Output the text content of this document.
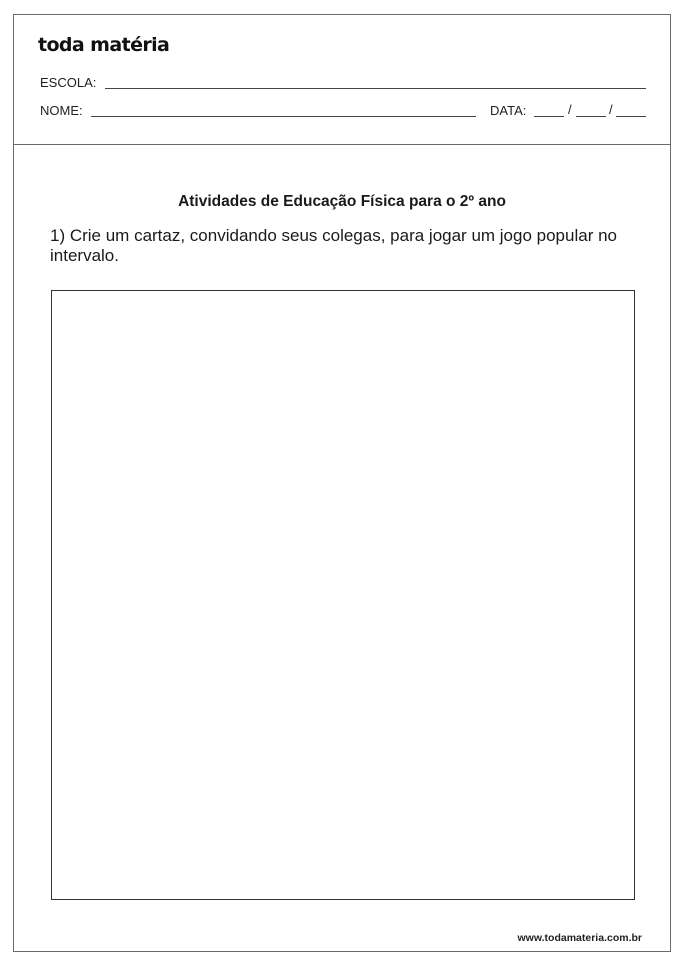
toda matéria
ESCOLA:
NOME:	DATA:	/	/
Atividades de Educação Física para o 2º ano
1) Crie um cartaz, convidando seus colegas, para jogar um jogo popular no intervalo.
www.todamateria.com.br
